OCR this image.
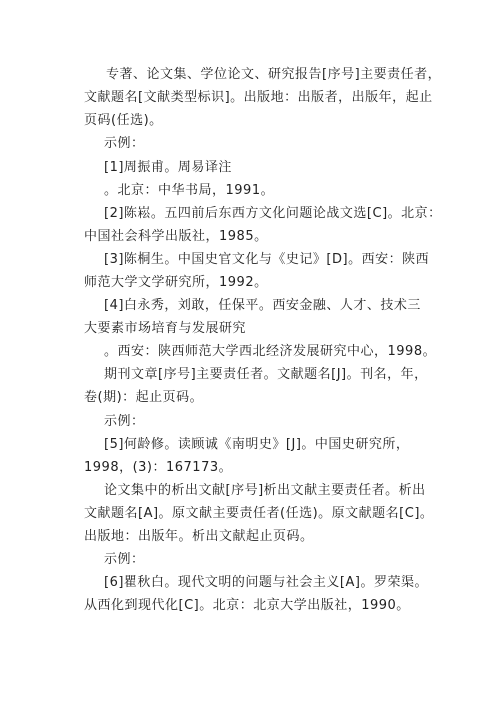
专著、论文集、学位论文、研究报告[序号]主要责任者，
文献题名[文献类型标识]。出版地：出版者，出版年，起止
页码(任选)。
示例：
[1]周振甫。周易译注
。北京：中华书局，1991。
[2]陈崧。五四前后东西方文化问题论战文选[C]。北京：
中国社会科学出版社，1985。
[3]陈桐生。中国史官文化与《史记》[D]。西安：陕西
师范大学文学研究所，1992。
[4]白永秀，刘敢，任保平。西安金融、人才、技术三
大要素市场培育与发展研究
。西安：陕西师范大学西北经济发展研究中心，1998。
期刊文章[序号]主要责任者。文献题名[J]。刊名，年，
卷(期)：起止页码。
示例：
[5]何龄修。读顾诚《南明史》[J]。中国史研究所，
1998，(3)：167173。
论文集中的析出文献[序号]析出文献主要责任者。析出
文献题名[A]。原文献主要责任者(任选)。原文献题名[C]。
出版地：出版年。析出文献起止页码。
示例：
[6]瞿秋白。现代文明的问题与社会主义[A]。罗荣渠。
从西化到现代化[C]。北京：北京大学出版社，1990。
